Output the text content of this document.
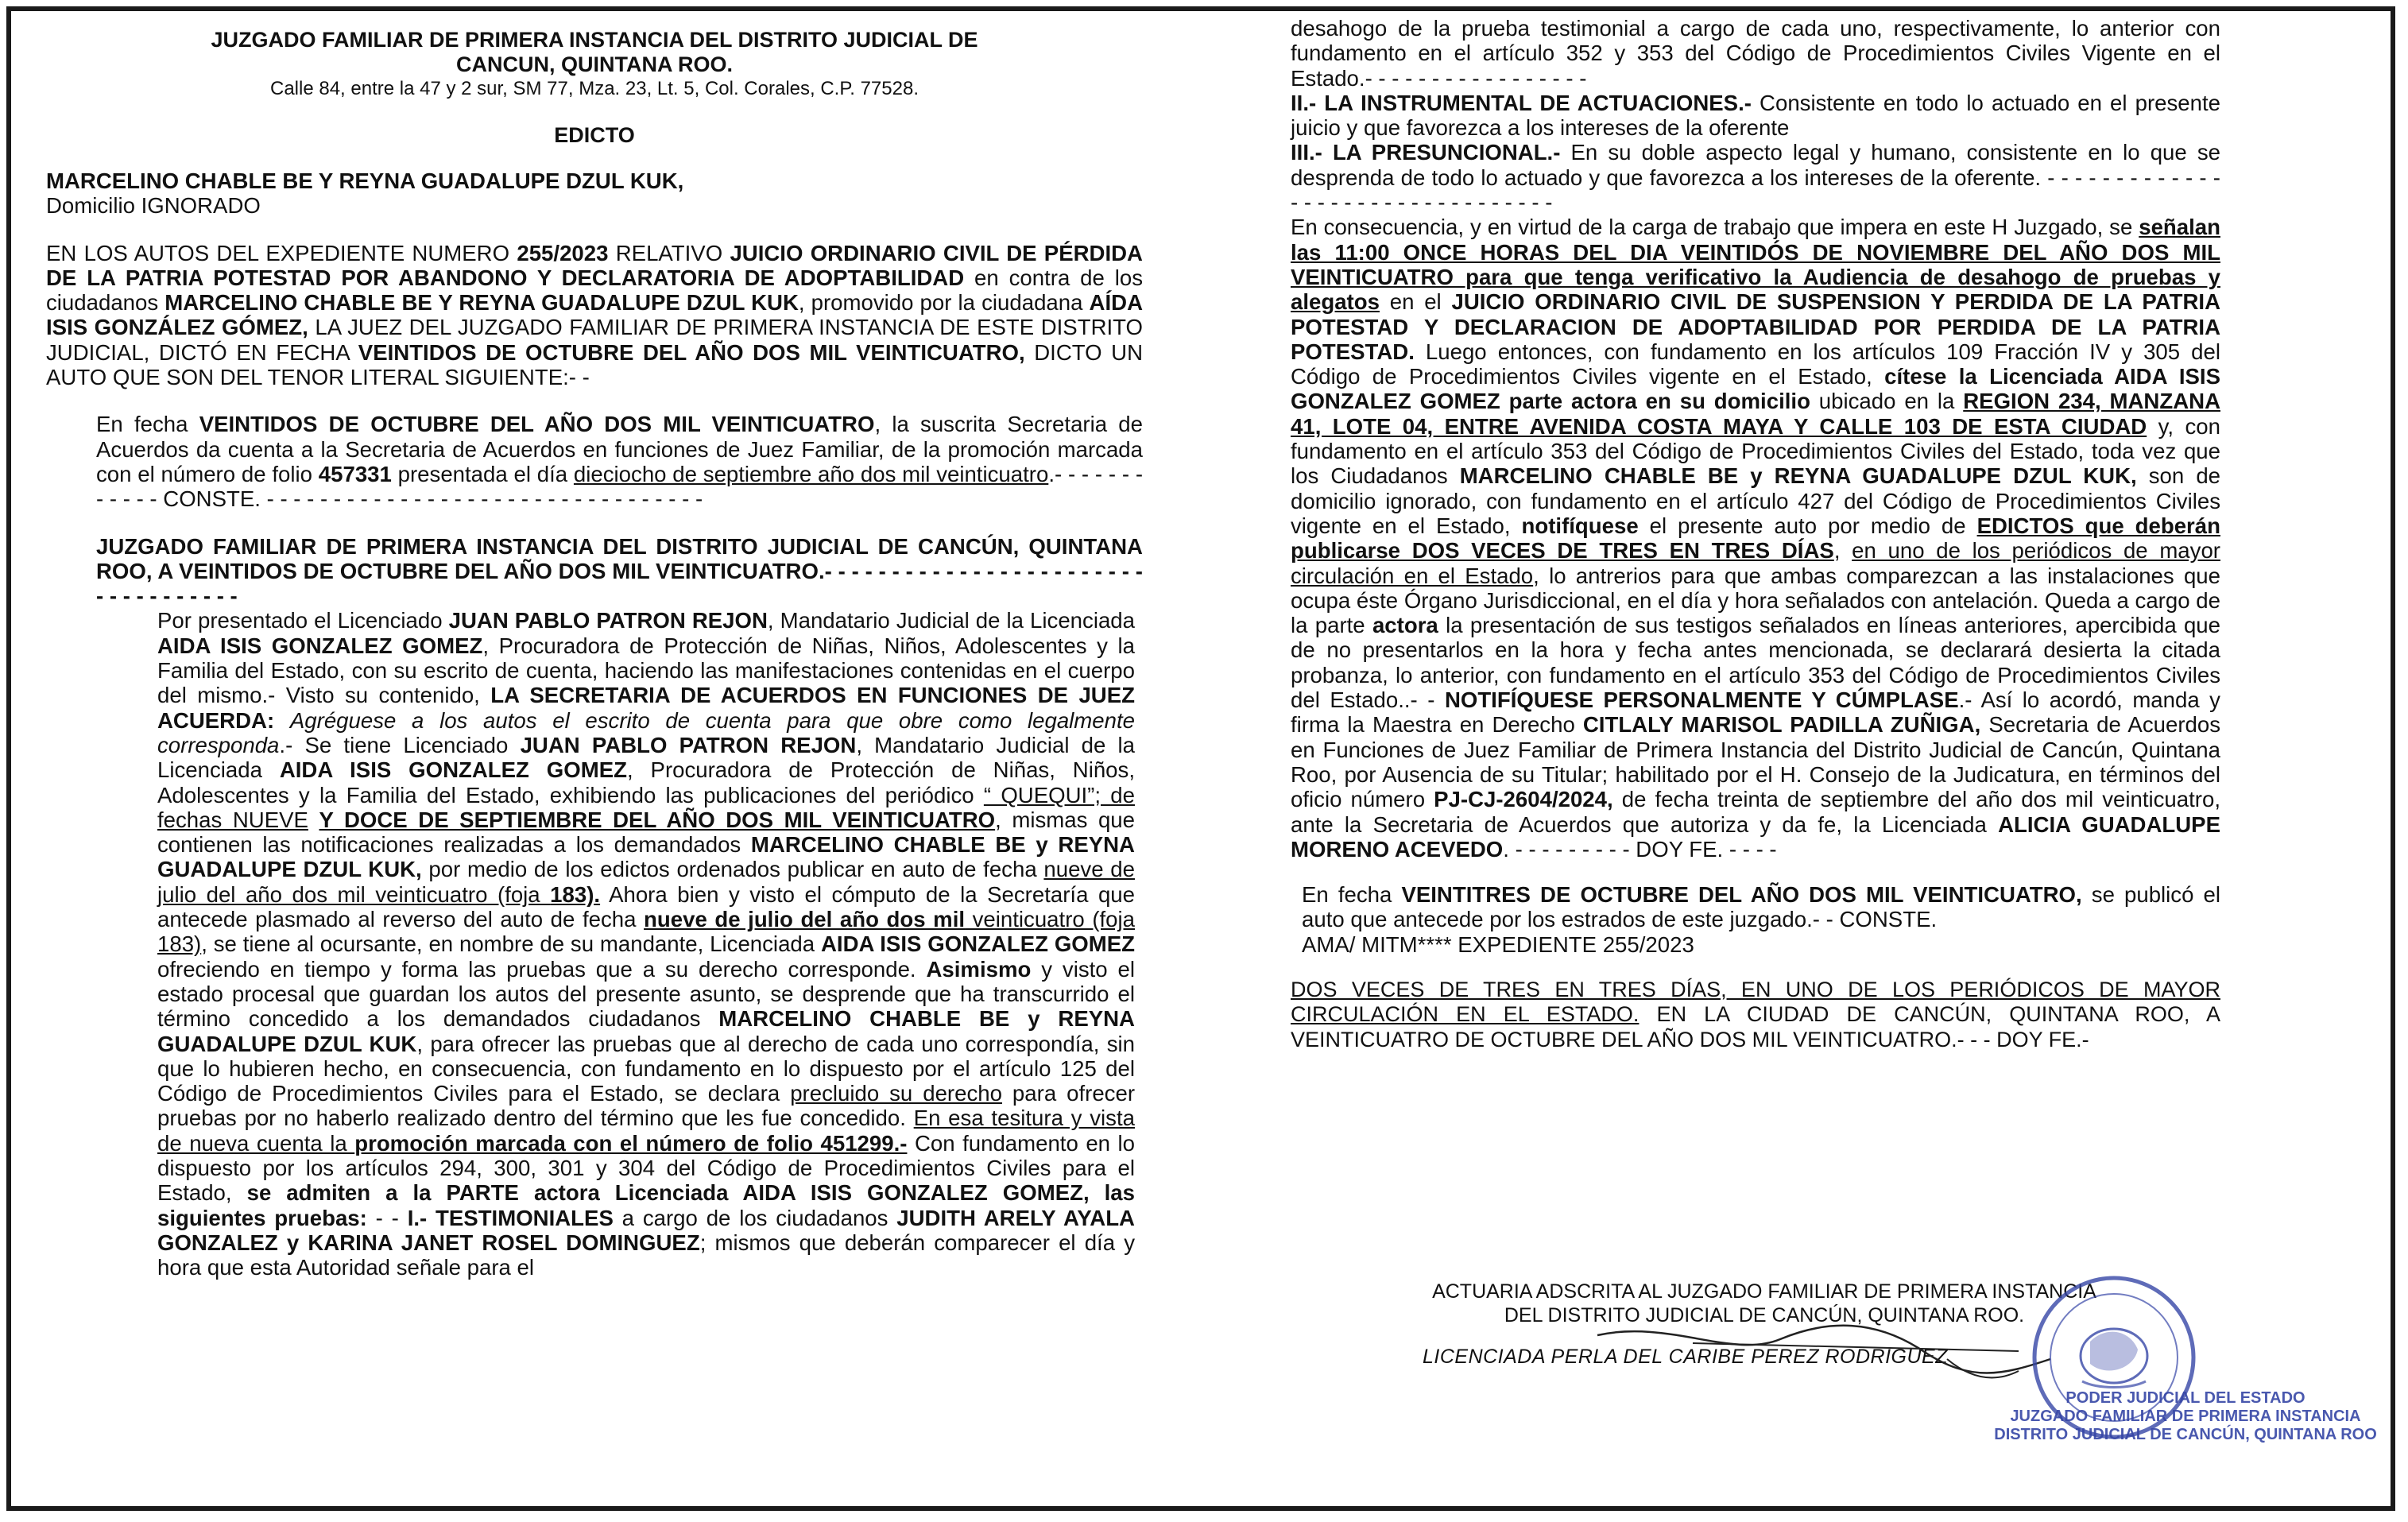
JUZGADO FAMILIAR DE PRIMERA INSTANCIA DEL DISTRITO JUDICIAL DE

CANCUN, QUINTANA ROO.

Calle 84, entre la 47 y 2 sur, SM 77, Mza. 23, Lt. 5, Col. Corales, C.P. 77528.

EDICTO

MARCELINO CHABLE BE Y REYNA GUADALUPE DZUL KUK,

Domicilio IGNORADO

EN LOS AUTOS DEL EXPEDIENTE NUMERO 255/2023 RELATIVO JUICIO ORDINARIO CIVIL DE PÉRDIDA DE LA PATRIA POTESTAD POR ABANDONO Y DECLARATORIA DE ADOPTABILIDAD en contra de los ciudadanos MARCELINO CHABLE BE Y REYNA GUADALUPE DZUL KUK, promovido por la ciudadana AÍDA ISIS GONZÁLEZ GÓMEZ, LA JUEZ DEL JUZGADO FAMILIAR DE PRIMERA INSTANCIA DE ESTE DISTRITO JUDICIAL, DICTÓ EN FECHA VEINTIDOS DE OCTUBRE DEL AÑO DOS MIL VEINTICUATRO, DICTO UN AUTO QUE SON DEL TENOR LITERAL SIGUIENTE:- -

En fecha VEINTIDOS DE OCTUBRE DEL AÑO DOS MIL VEINTICUATRO, la suscrita Secretaria de Acuerdos da cuenta a la Secretaria de Acuerdos en funciones de Juez Familiar, de la promoción marcada con el número de folio 457331 presentada el día dieciocho de septiembre año dos mil veinticuatro.- - - - - - - - - - - - CONSTE. - - - - - - - - - - - - - - - - - - - - - - - - - - - - - - - - -

JUZGADO FAMILIAR DE PRIMERA INSTANCIA DEL DISTRITO JUDICIAL DE CANCÚN, QUINTANA ROO, A VEINTIDOS DE OCTUBRE DEL AÑO DOS MIL VEINTICUATRO.- - - - - - - - - - - - - - - - - - - - - - - - - - - - - - - - - - -

Por presentado el Licenciado JUAN PABLO PATRON REJON, Mandatario Judicial de la Licenciada AIDA ISIS GONZALEZ GOMEZ, Procuradora de Protección de Niñas, Niños, Adolescentes y la Familia del Estado, con su escrito de cuenta, haciendo las manifestaciones contenidas en el cuerpo del mismo.- Visto su contenido, LA SECRETARIA DE ACUERDOS EN FUNCIONES DE JUEZ ACUERDA: Agréguese a los autos el escrito de cuenta para que obre como legalmente corresponda.- Se tiene Licenciado JUAN PABLO PATRON REJON, Mandatario Judicial de la Licenciada AIDA ISIS GONZALEZ GOMEZ, Procuradora de Protección de Niñas, Niños, Adolescentes y la Familia del Estado, exhibiendo las publicaciones del periódico “ QUEQUI”; de fechas NUEVE Y DOCE DE SEPTIEMBRE DEL AÑO DOS MIL VEINTICUATRO, mismas que contienen las notificaciones realizadas a los demandados MARCELINO CHABLE BE y REYNA GUADALUPE DZUL KUK, por medio de los edictos ordenados publicar en auto de fecha nueve de julio del año dos mil veinticuatro (foja 183). Ahora bien y visto el cómputo de la Secretaría que antecede plasmado al reverso del auto de fecha nueve de julio del año dos mil veinticuatro (foja 183), se tiene al ocursante, en nombre de su mandante, Licenciada AIDA ISIS GONZALEZ GOMEZ ofreciendo en tiempo y forma las pruebas que a su derecho corresponde. Asimismo y visto el estado procesal que guardan los autos del presente asunto, se desprende que ha transcurrido el término concedido a los demandados ciudadanos MARCELINO CHABLE BE y REYNA GUADALUPE DZUL KUK, para ofrecer las pruebas que al derecho de cada uno correspondía, sin que lo hubieren hecho, en consecuencia, con fundamento en lo dispuesto por el artículo 125 del Código de Procedimientos Civiles para el Estado, se declara precluido su derecho para ofrecer pruebas por no haberlo realizado dentro del término que les fue concedido. En esa tesitura y vista de nueva cuenta la promoción marcada con el número de folio 451299.- Con fundamento en lo dispuesto por los artículos 294, 300, 301 y 304 del Código de Procedimientos Civiles para el Estado, se admiten a la PARTE actora Licenciada AIDA ISIS GONZALEZ GOMEZ, las siguientes pruebas: - - I.- TESTIMONIALES a cargo de los ciudadanos JUDITH ARELY AYALA GONZALEZ y KARINA JANET ROSEL DOMINGUEZ; mismos que deberán comparecer el día y hora que esta Autoridad señale para el

desahogo de la prueba testimonial a cargo de cada uno, respectivamente, lo anterior con fundamento en el artículo 352 y 353 del Código de Procedimientos Civiles Vigente en el Estado.- - - - - - - - - - - - - - - - -

II.- LA INSTRUMENTAL DE ACTUACIONES.- Consistente en todo lo actuado en el presente juicio y que favorezca a los intereses de la oferente

III.- LA PRESUNCIONAL.- En su doble aspecto legal y humano, consistente en lo que se desprenda de todo lo actuado y que favorezca a los intereses de la oferente. - - - - - - - - - - - - - - - - - - - - - - - - - - - - - - - - -

En consecuencia, y en virtud de la carga de trabajo que impera en este H Juzgado, se señalan las 11:00 ONCE HORAS DEL DIA VEINTIDÓS DE NOVIEMBRE DEL AÑO DOS MIL VEINTICUATRO para que tenga verificativo la Audiencia de desahogo de pruebas y alegatos en el JUICIO ORDINARIO CIVIL DE SUSPENSION Y PERDIDA DE LA PATRIA POTESTAD Y DECLARACION DE ADOPTABILIDAD POR PERDIDA DE LA PATRIA POTESTAD. Luego entonces, con fundamento en los artículos 109 Fracción IV y 305 del Código de Procedimientos Civiles vigente en el Estado, cítese la Licenciada AIDA ISIS GONZALEZ GOMEZ parte actora en su domicilio ubicado en la REGION 234, MANZANA 41, LOTE 04, ENTRE AVENIDA COSTA MAYA Y CALLE 103 DE ESTA CIUDAD y, con fundamento en el artículo 353 del Código de Procedimientos Civiles del Estado, toda vez que los Ciudadanos MARCELINO CHABLE BE y REYNA GUADALUPE DZUL KUK, son de domicilio ignorado, con fundamento en el artículo 427 del Código de Procedimientos Civiles vigente en el Estado, notifíquese el presente auto por medio de EDICTOS que deberán publicarse DOS VECES DE TRES EN TRES DÍAS, en uno de los periódicos de mayor circulación en el Estado, lo antrerios para que ambas comparezcan a las instalaciones que ocupa éste Órgano Jurisdiccional, en el día y hora señalados con antelación. Queda a cargo de la parte actora la presentación de sus testigos señalados en líneas anteriores, apercibida que de no presentarlos en la hora y fecha antes mencionada, se declarará desierta la citada probanza, lo anterior, con fundamento en el artículo 353 del Código de Procedimientos Civiles del Estado..- - NOTIFÍQUESE PERSONALMENTE Y CÚMPLASE.- Así lo acordó, manda y firma la Maestra en Derecho CITLALY MARISOL PADILLA ZUÑIGA, Secretaria de Acuerdos en Funciones de Juez Familiar de Primera Instancia del Distrito Judicial de Cancún, Quintana Roo, por Ausencia de su Titular; habilitado por el H. Consejo de la Judicatura, en términos del oficio número PJ-CJ-2604/2024, de fecha treinta de septiembre del año dos mil veinticuatro, ante la Secretaria de Acuerdos que autoriza y da fe, la Licenciada ALICIA GUADALUPE MORENO ACEVEDO. - - - - - - - - - DOY FE. - - - -

En fecha VEINTITRES DE OCTUBRE DEL AÑO DOS MIL VEINTICUATRO, se publicó el auto que antecede por los estrados de este juzgado.- - CONSTE.

AMA/ MITM**** EXPEDIENTE 255/2023

DOS VECES DE TRES EN TRES DÍAS, EN UNO DE LOS PERIÓDICOS DE MAYOR CIRCULACIÓN EN EL ESTADO. EN LA CIUDAD DE CANCÚN, QUINTANA ROO, A VEINTICUATRO DE OCTUBRE DEL AÑO DOS MIL VEINTICUATRO.- - - DOY FE.-

ACTUARIA ADSCRITA AL JUZGADO FAMILIAR DE PRIMERA INSTANCIA
DEL DISTRITO JUDICIAL DE CANCÚN, QUINTANA ROO.
LICENCIADA PERLA DEL CARIBE PEREZ RODRIGUEZ
PODER JUDICIAL DEL ESTADO
JUZGADO FAMILIAR DE PRIMERA INSTANCIA
DISTRITO JUDICIAL DE CANCÚN, QUINTANA ROO
